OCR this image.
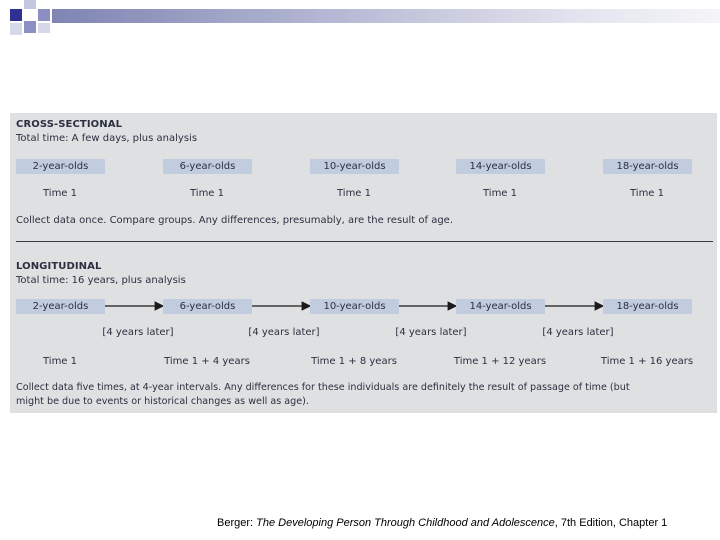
CROSS-SECTIONAL
Total time: A few days, plus analysis
2-year-olds	6-year-olds	10-year-olds	14-year-olds	18-year-olds
Time 1	Time 1	Time 1	Time 1	Time 1
Collect data once. Compare groups. Any differences, presumably, are the result of age.
LONGITUDINAL
Total time: 16 years, plus analysis
2-year-olds	6-year-olds	10-year-olds	14-year-olds	18-year-olds
[4 years later]	[4 years later]	[4 years later]	[4 years later]
Time 1	Time 1 + 4 years	Time 1 + 8 years	Time 1 + 12 years	Time 1 + 16 years
Collect data five times, at 4-year intervals. Any differences for these individuals are definitely the result of passage of time (but
might be due to events or historical changes as well as age).
Berger: The Developing Person Through Childhood and Adolescence, 7th Edition, Chapter 1
